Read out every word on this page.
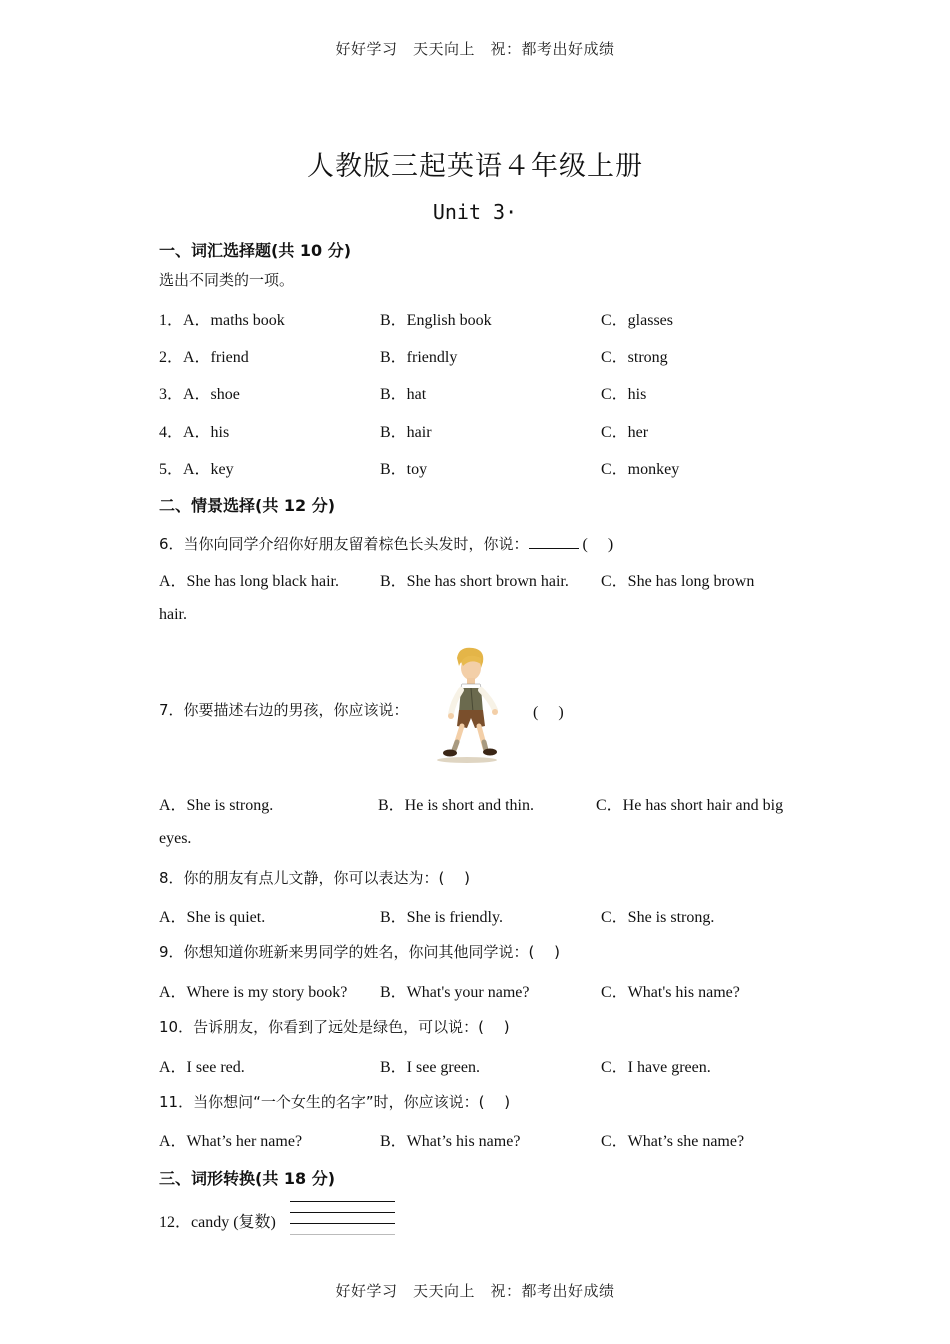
好好学习　天天向上　祝：都考出好成绩
人教版三起英语４年级上册
Unit 3·
一、词汇选择题(共 10 分)
选出不同类的一项。
1．A．maths book	B．English book	C．glasses
2．A．friend	B．friendly	C．strong
3．A．shoe	B．hat	C．his
4．A．his	B．hair	C．her
5．A．key	B．toy	C．monkey
二、情景选择(共 12 分)
6．当你向同学介绍你好朋友留着棕色长头发时，你说：	(　 )
A．She has long black hair.	B．She has short brown hair. C．She has long brown
hair.
7．你要描述右边的男孩，你应该说：	(　 )
A．She is strong.	B．He is short and thin.	C．He has short hair and big
eyes.
8．你的朋友有点儿文静，你可以表达为：(　 )
A．She is quiet.	B．She is friendly.	C．She is strong.
9．你想知道你班新来男同学的姓名，你问其他同学说：(　 )
A．Where is my story book? B．What's your name?	C．What's his name?
10．告诉朋友，你看到了远处是绿色，可以说：( 　)
A．I see red.	B．I see green.	C．I have green.
11．当你想问“一个女生的名字”时，你应该说：( 　)
A．What’s her name?	B．What’s his name?	C．What’s she name?
三、词形转换(共 18 分)
12．candy (复数)
好好学习　天天向上　祝：都考出好成绩
